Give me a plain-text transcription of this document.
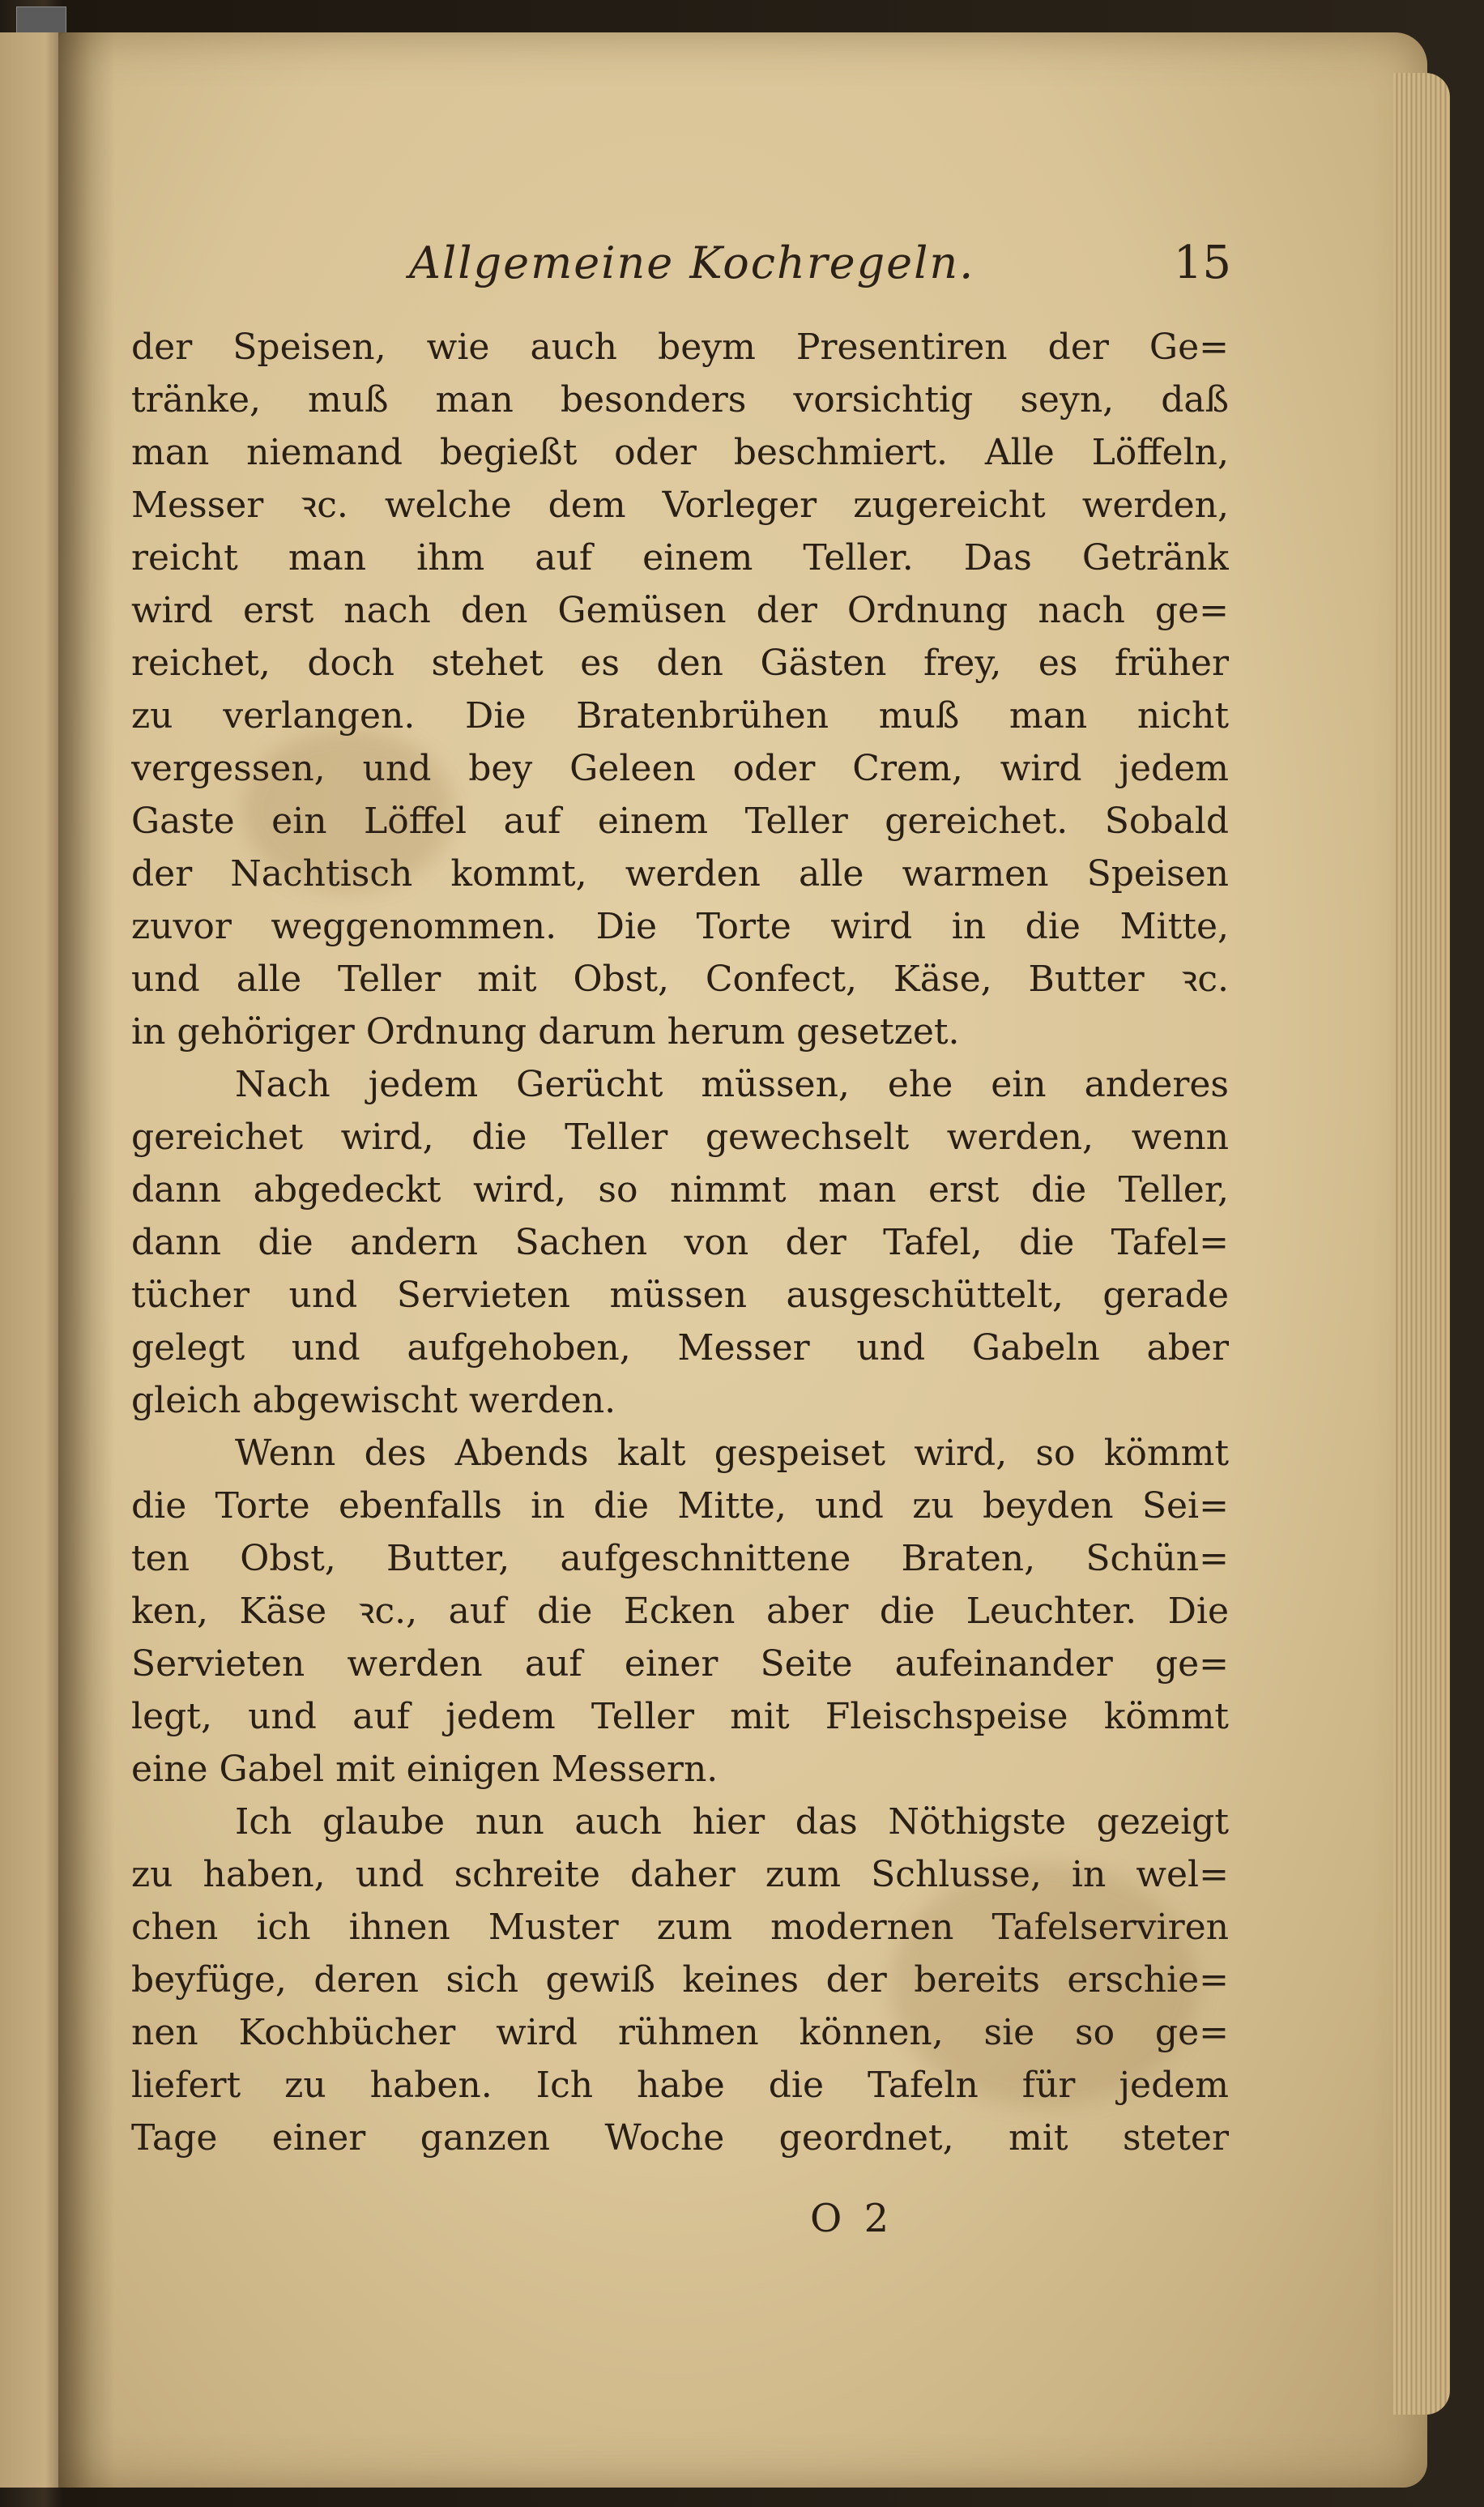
Allgemeine Kochregeln.	15
der Speisen, wie auch beym Presentiren der Ge=
tränke, muß man besonders vorsichtig seyn, daß
man niemand begießt oder beschmiert. Alle Löffeln,
Messer ꝛc. welche dem Vorleger zugereicht werden,
reicht man ihm auf einem Teller. Das Getränk
wird erst nach den Gemüsen der Ordnung nach ge=
reichet, doch stehet es den Gästen frey, es früher
zu verlangen. Die Bratenbrühen muß man nicht
vergessen, und bey Geleen oder Crem, wird jedem
Gaste ein Löffel auf einem Teller gereichet. Sobald
der Nachtisch kommt, werden alle warmen Speisen
zuvor weggenommen. Die Torte wird in die Mitte,
und alle Teller mit Obst, Confect, Käse, Butter ꝛc.
in gehöriger Ordnung darum herum gesetzet.
Nach jedem Gerücht müssen, ehe ein anderes
gereichet wird, die Teller gewechselt werden, wenn
dann abgedeckt wird, so nimmt man erst die Teller,
dann die andern Sachen von der Tafel, die Tafel=
tücher und Servieten müssen ausgeschüttelt, gerade
gelegt und aufgehoben, Messer und Gabeln aber
gleich abgewischt werden.
Wenn des Abends kalt gespeiset wird, so kömmt
die Torte ebenfalls in die Mitte, und zu beyden Sei=
ten Obst, Butter, aufgeschnittene Braten, Schün=
ken, Käse ꝛc., auf die Ecken aber die Leuchter. Die
Servieten werden auf einer Seite aufeinander ge=
legt, und auf jedem Teller mit Fleischspeise kömmt
eine Gabel mit einigen Messern.
Ich glaube nun auch hier das Nöthigste gezeigt
zu haben, und schreite daher zum Schlusse, in wel=
chen ich ihnen Muster zum modernen Tafelserviren
beyfüge, deren sich gewiß keines der bereits erschie=
nen Kochbücher wird rühmen können, sie so ge=
liefert zu haben. Ich habe die Tafeln für jedem
Tage einer ganzen Woche geordnet, mit steter
O 2
